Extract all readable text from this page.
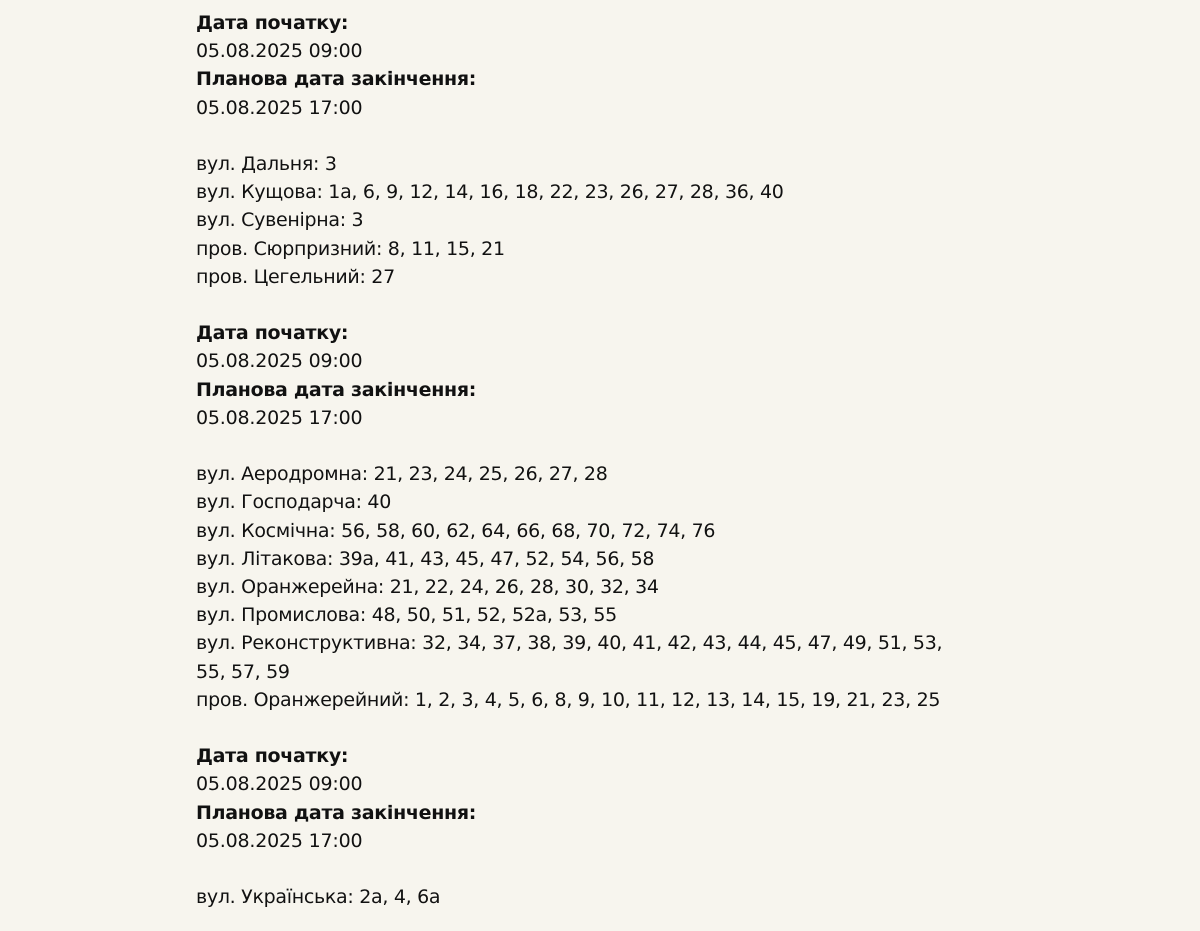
Дата початку:
05.08.2025 09:00
Планова дата закінчення:
05.08.2025 17:00
вул. Дальня: 3
вул. Кущова: 1а, 6, 9, 12, 14, 16, 18, 22, 23, 26, 27, 28, 36, 40
вул. Сувенірна: 3
пров. Сюрпризний: 8, 11, 15, 21
пров. Цегельний: 27
Дата початку:
05.08.2025 09:00
Планова дата закінчення:
05.08.2025 17:00
вул. Аеродромна: 21, 23, 24, 25, 26, 27, 28
вул. Господарча: 40
вул. Космічна: 56, 58, 60, 62, 64, 66, 68, 70, 72, 74, 76
вул. Літакова: 39а, 41, 43, 45, 47, 52, 54, 56, 58
вул. Оранжерейна: 21, 22, 24, 26, 28, 30, 32, 34
вул. Промислова: 48, 50, 51, 52, 52а, 53, 55
вул. Реконструктивна: 32, 34, 37, 38, 39, 40, 41, 42, 43, 44, 45, 47, 49, 51, 53, 55, 57, 59
пров. Оранжерейний: 1, 2, 3, 4, 5, 6, 8, 9, 10, 11, 12, 13, 14, 15, 19, 21, 23, 25
Дата початку:
05.08.2025 09:00
Планова дата закінчення:
05.08.2025 17:00
вул. Українська: 2а, 4, 6а
